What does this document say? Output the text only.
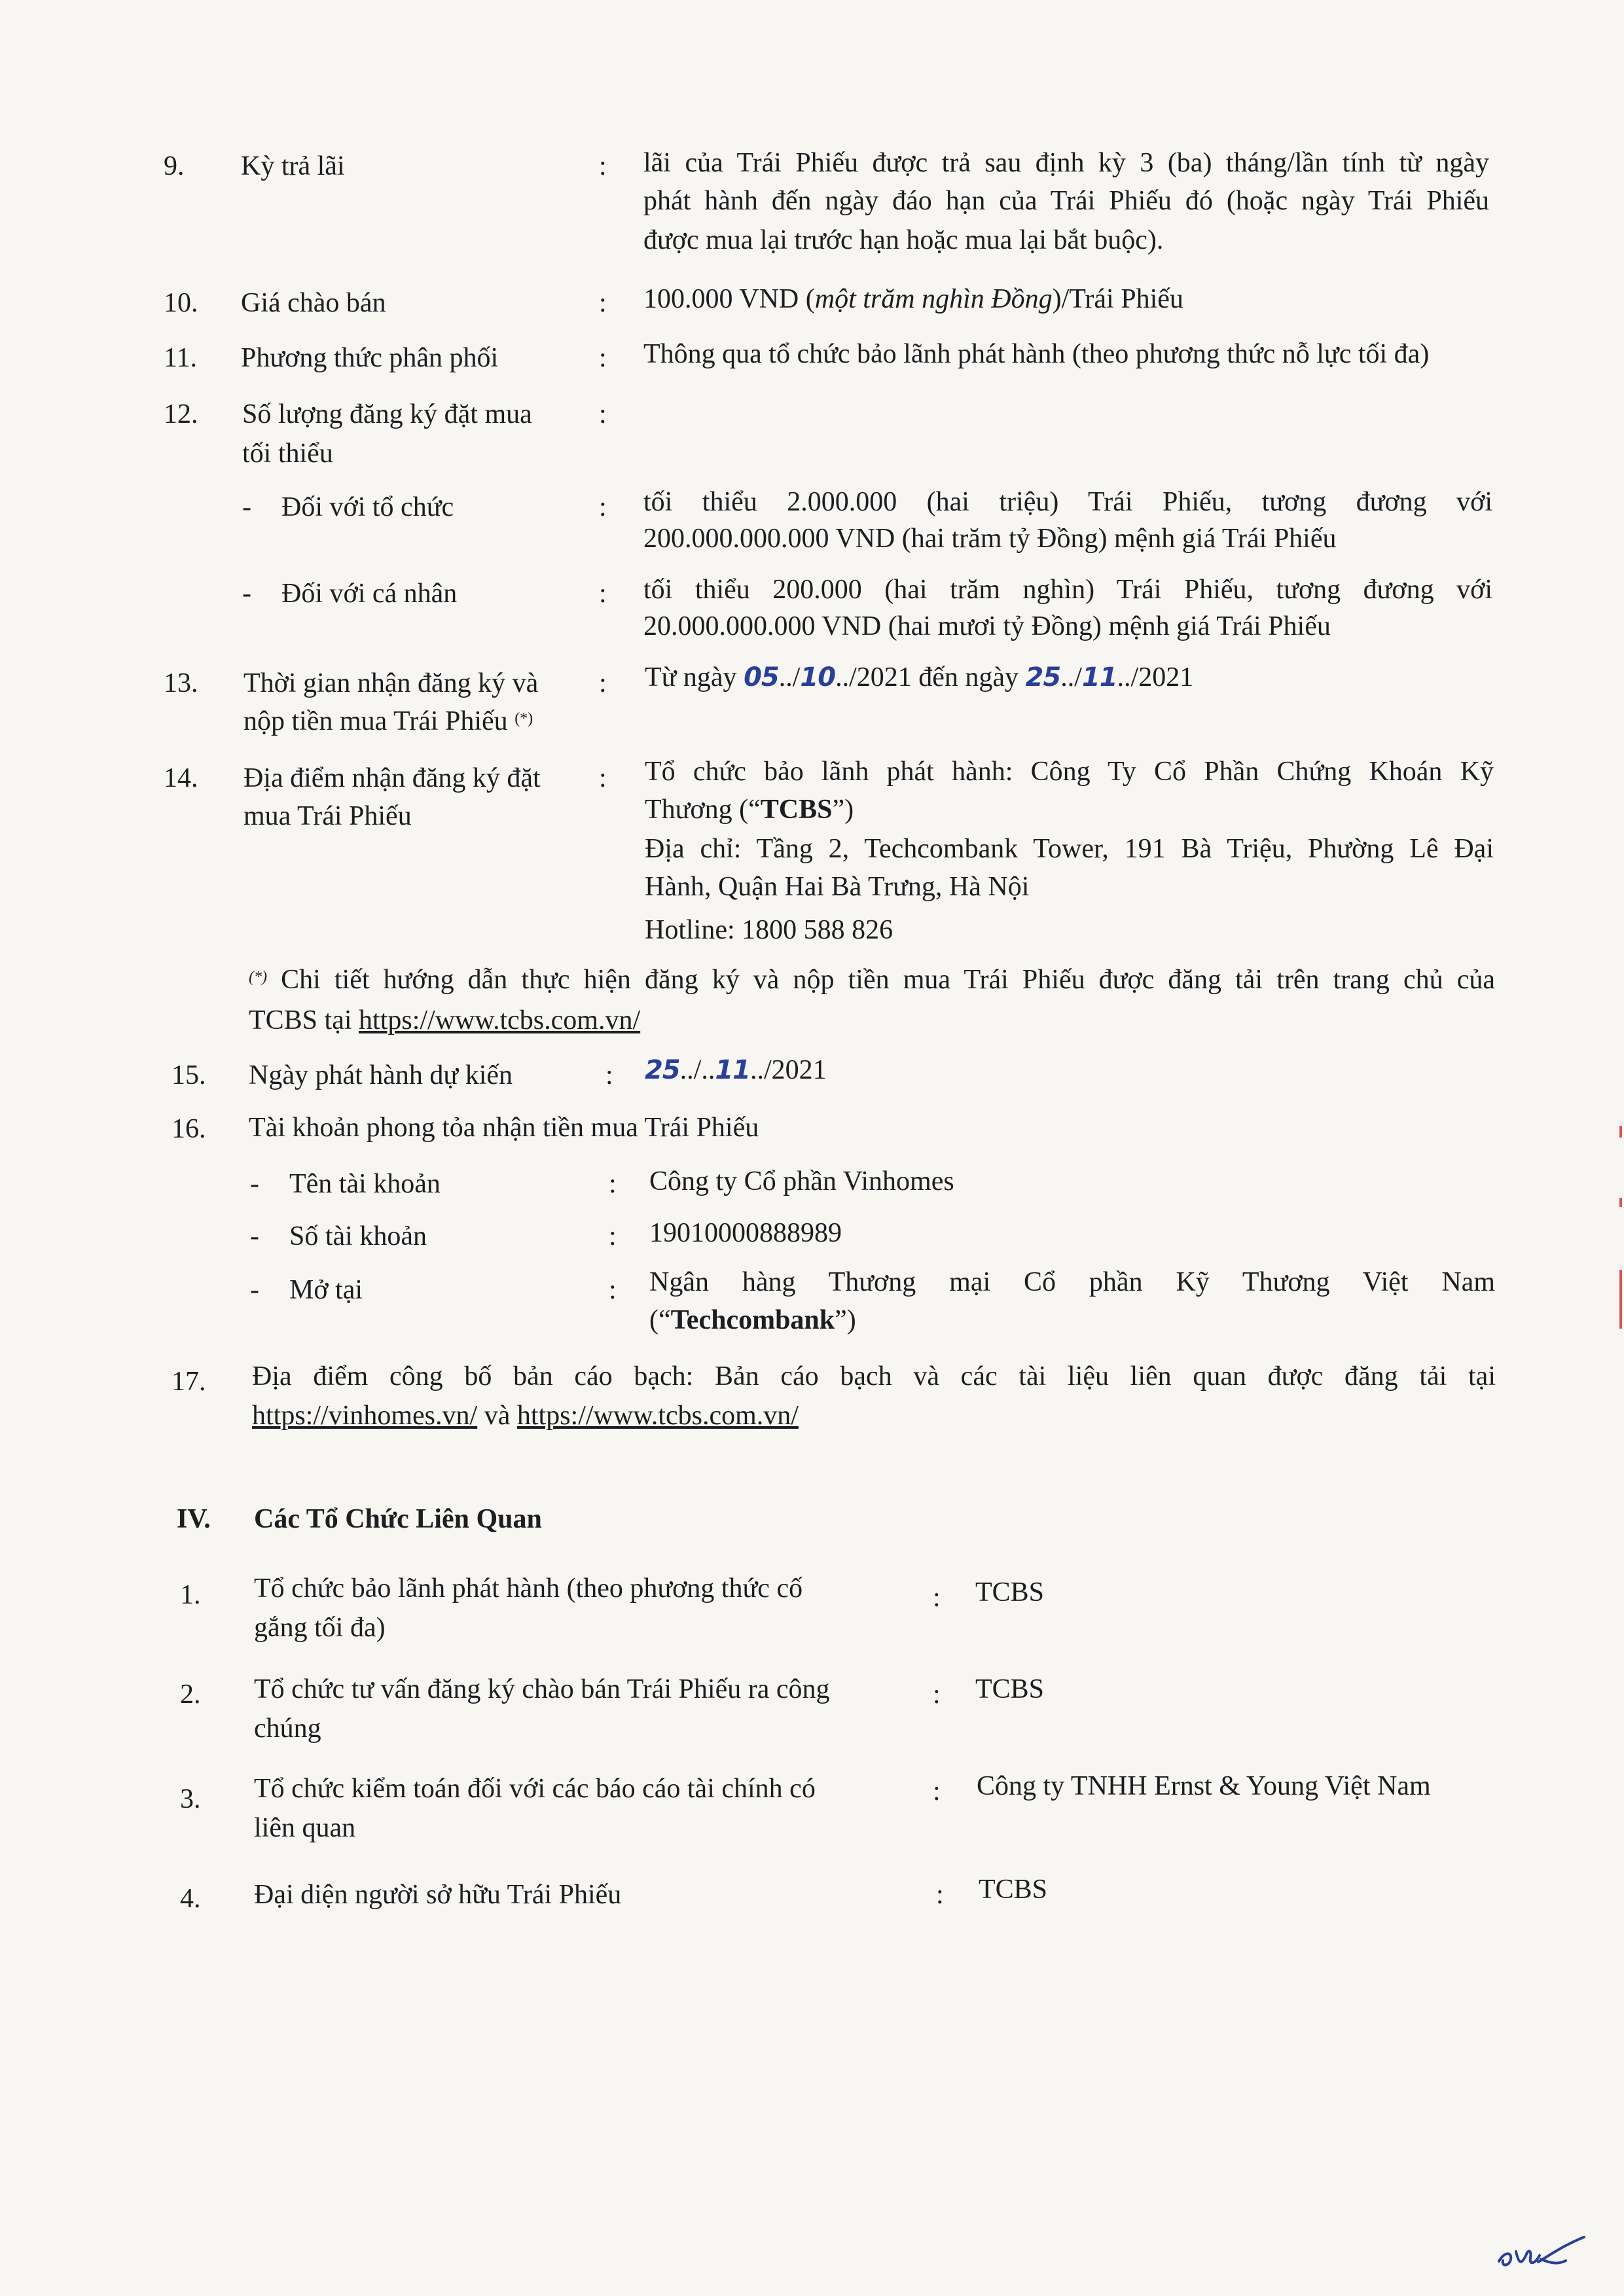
9. Kỳ trả lãi	: lãi của Trái Phiếu được trả sau định kỳ 3 (ba) tháng/lần tính từ ngày
phát hành đến ngày đáo hạn của Trái Phiếu đó (hoặc ngày Trái Phiếu
được mua lại trước hạn hoặc mua lại bắt buộc).
10. Giá chào bán	: 100.000 VND (một trăm nghìn Đồng)/Trái Phiếu
11. Phương thức phân phối	: Thông qua tổ chức bảo lãnh phát hành (theo phương thức nỗ lực tối đa)
12. Số lượng đăng ký đặt mua
tối thiểu
:
- Đối với tổ chức	: tối thiểu 2.000.000 (hai triệu) Trái Phiếu, tương đương với
200.000.000.000 VND (hai trăm tỷ Đồng) mệnh giá Trái Phiếu
- Đối với cá nhân	: tối thiểu 200.000 (hai trăm nghìn) Trái Phiếu, tương đương với
20.000.000.000 VND (hai mươi tỷ Đồng) mệnh giá Trái Phiếu
13. Thời gian nhận đăng ký và
nộp tiền mua Trái Phiếu (*)
: Từ ngày 05../10../2021 đến ngày 25../11../2021
14. Địa điểm nhận đăng ký đặt
mua Trái Phiếu
: Tổ chức bảo lãnh phát hành: Công Ty Cổ Phần Chứng Khoán Kỹ
Thương (“TCBS”)
Địa chỉ: Tầng 2, Techcombank Tower, 191 Bà Triệu, Phường Lê Đại
Hành, Quận Hai Bà Trưng, Hà Nội
Hotline: 1800 588 826
(*) Chi tiết hướng dẫn thực hiện đăng ký và nộp tiền mua Trái Phiếu được đăng tải trên trang chủ của
TCBS tại https://www.tcbs.com.vn/
15. Ngày phát hành dự kiến	: 25../..11../2021
16. Tài khoản phong tỏa nhận tiền mua Trái Phiếu
- Tên tài khoản	: Công ty Cổ phần Vinhomes
- Số tài khoản	: 19010000888989
- Mở tại	: Ngân hàng Thương mại Cổ phần Kỹ Thương Việt Nam
(“Techcombank”)
17. Địa điểm công bố bản cáo bạch: Bản cáo bạch và các tài liệu liên quan được đăng tải tại
https://vinhomes.vn/ và https://www.tcbs.com.vn/
IV. Các Tổ Chức Liên Quan
1. Tổ chức bảo lãnh phát hành (theo phương thức cố
gắng tối đa)
: TCBS
2. Tổ chức tư vấn đăng ký chào bán Trái Phiếu ra công
chúng
: TCBS
3. Tổ chức kiểm toán đối với các báo cáo tài chính có
liên quan
: Công ty TNHH Ernst & Young Việt Nam
4. Đại diện người sở hữu Trái Phiếu	: TCBS
